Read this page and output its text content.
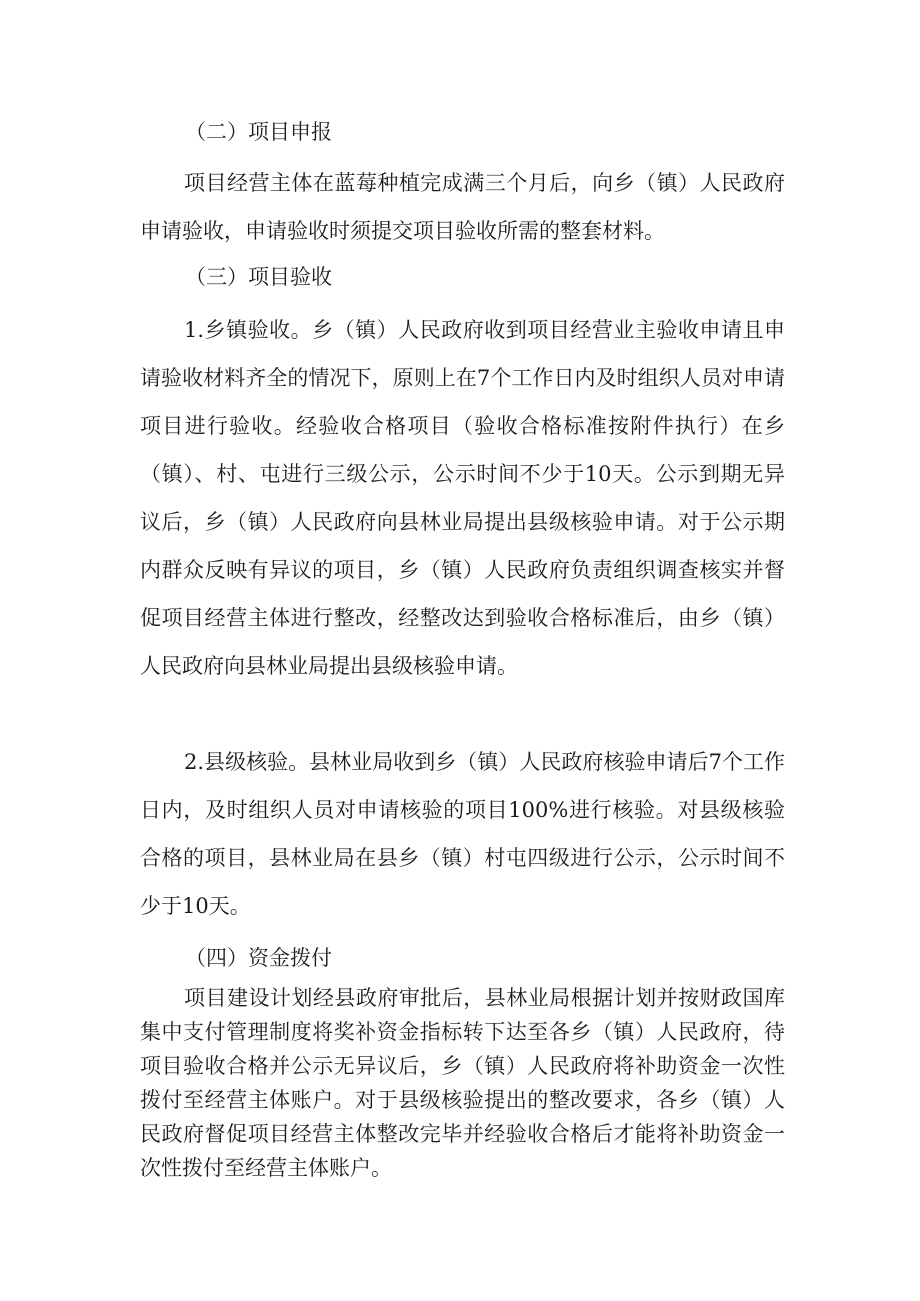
（二）项目申报

项目经营主体在蓝莓种植完成满三个月后，向乡（镇）人民政府申请验收，申请验收时须提交项目验收所需的整套材料。

（三）项目验收

1.乡镇验收。乡（镇）人民政府收到项目经营业主验收申请且申请验收材料齐全的情况下，原则上在7个工作日内及时组织人员对申请项目进行验收。经验收合格项目（验收合格标准按附件执行）在乡（镇）、村、屯进行三级公示，公示时间不少于10天。公示到期无异议后，乡（镇）人民政府向县林业局提出县级核验申请。对于公示期内群众反映有异议的项目，乡（镇）人民政府负责组织调查核实并督促项目经营主体进行整改，经整改达到验收合格标准后，由乡（镇）人民政府向县林业局提出县级核验申请。

2.县级核验。县林业局收到乡（镇）人民政府核验申请后7个工作日内，及时组织人员对申请核验的项目100%进行核验。对县级核验合格的项目，县林业局在县乡（镇）村屯四级进行公示，公示时间不少于10天。

（四）资金拨付

项目建设计划经县政府审批后，县林业局根据计划并按财政国库集中支付管理制度将奖补资金指标转下达至各乡（镇）人民政府，待项目验收合格并公示无异议后，乡（镇）人民政府将补助资金一次性拨付至经营主体账户。对于县级核验提出的整改要求，各乡（镇）人民政府督促项目经营主体整改完毕并经验收合格后才能将补助资金一次性拨付至经营主体账户。
